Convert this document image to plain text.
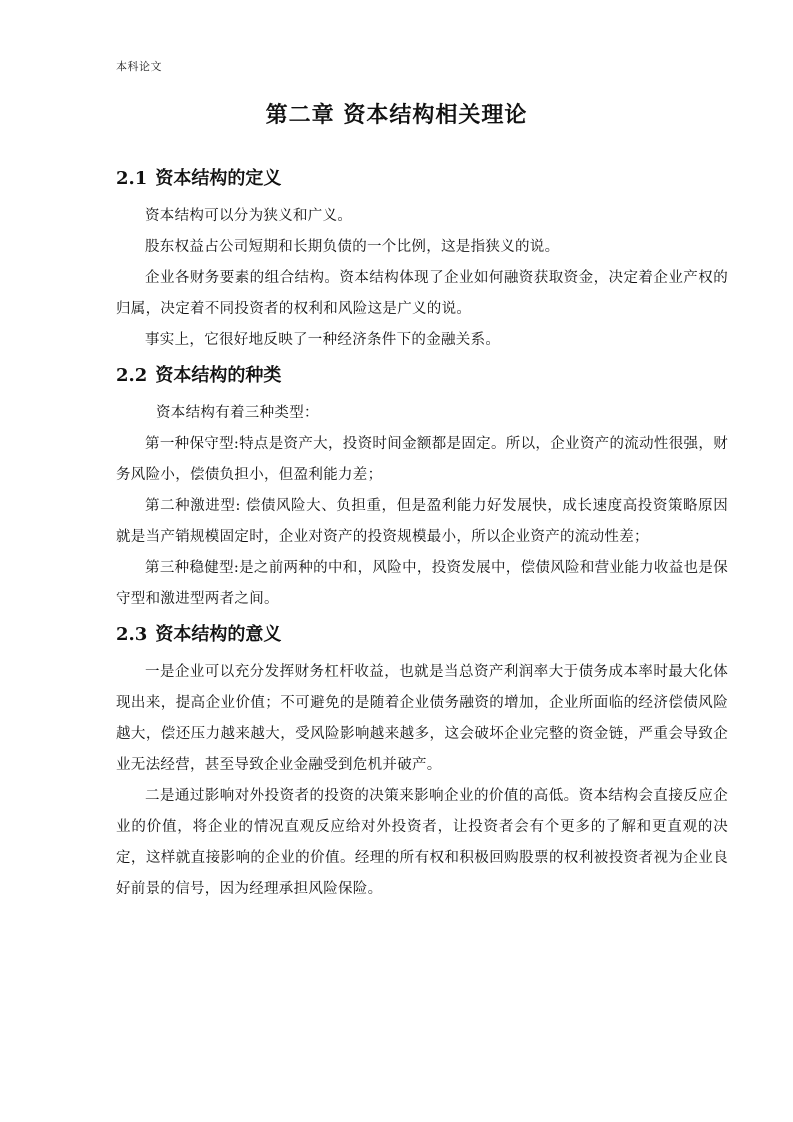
本科论文
第二章 资本结构相关理论
2.1 资本结构的定义

资本结构可以分为狭义和广义。

股东权益占公司短期和长期负债的一个比例，这是指狭义的说。

企业各财务要素的组合结构。资本结构体现了企业如何融资获取资金，决定着企业产权的归属，决定着不同投资者的权利和风险这是广义的说。

事实上，它很好地反映了一种经济条件下的金融关系。

2.2 资本结构的种类

资本结构有着三种类型：

第一种保守型:特点是资产大，投资时间金额都是固定。所以，企业资产的流动性很强，财务风险小，偿债负担小，但盈利能力差；

第二种激进型: 偿债风险大、负担重，但是盈利能力好发展快，成长速度高投资策略原因就是当产销规模固定时，企业对资产的投资规模最小，所以企业资产的流动性差；

第三种稳健型:是之前两种的中和，风险中，投资发展中，偿债风险和营业能力收益也是保守型和激进型两者之间。

2.3 资本结构的意义

一是企业可以充分发挥财务杠杆收益，也就是当总资产利润率大于债务成本率时最大化体现出来，提高企业价值；不可避免的是随着企业债务融资的增加，企业所面临的经济偿债风险越大，偿还压力越来越大，受风险影响越来越多，这会破坏企业完整的资金链，严重会导致企业无法经营，甚至导致企业金融受到危机并破产。

二是通过影响对外投资者的投资的决策来影响企业的价值的高低。资本结构会直接反应企业的价值，将企业的情况直观反应给对外投资者，让投资者会有个更多的了解和更直观的决定，这样就直接影响的企业的价值。经理的所有权和积极回购股票的权利被投资者视为企业良好前景的信号，因为经理承担风险保险。
